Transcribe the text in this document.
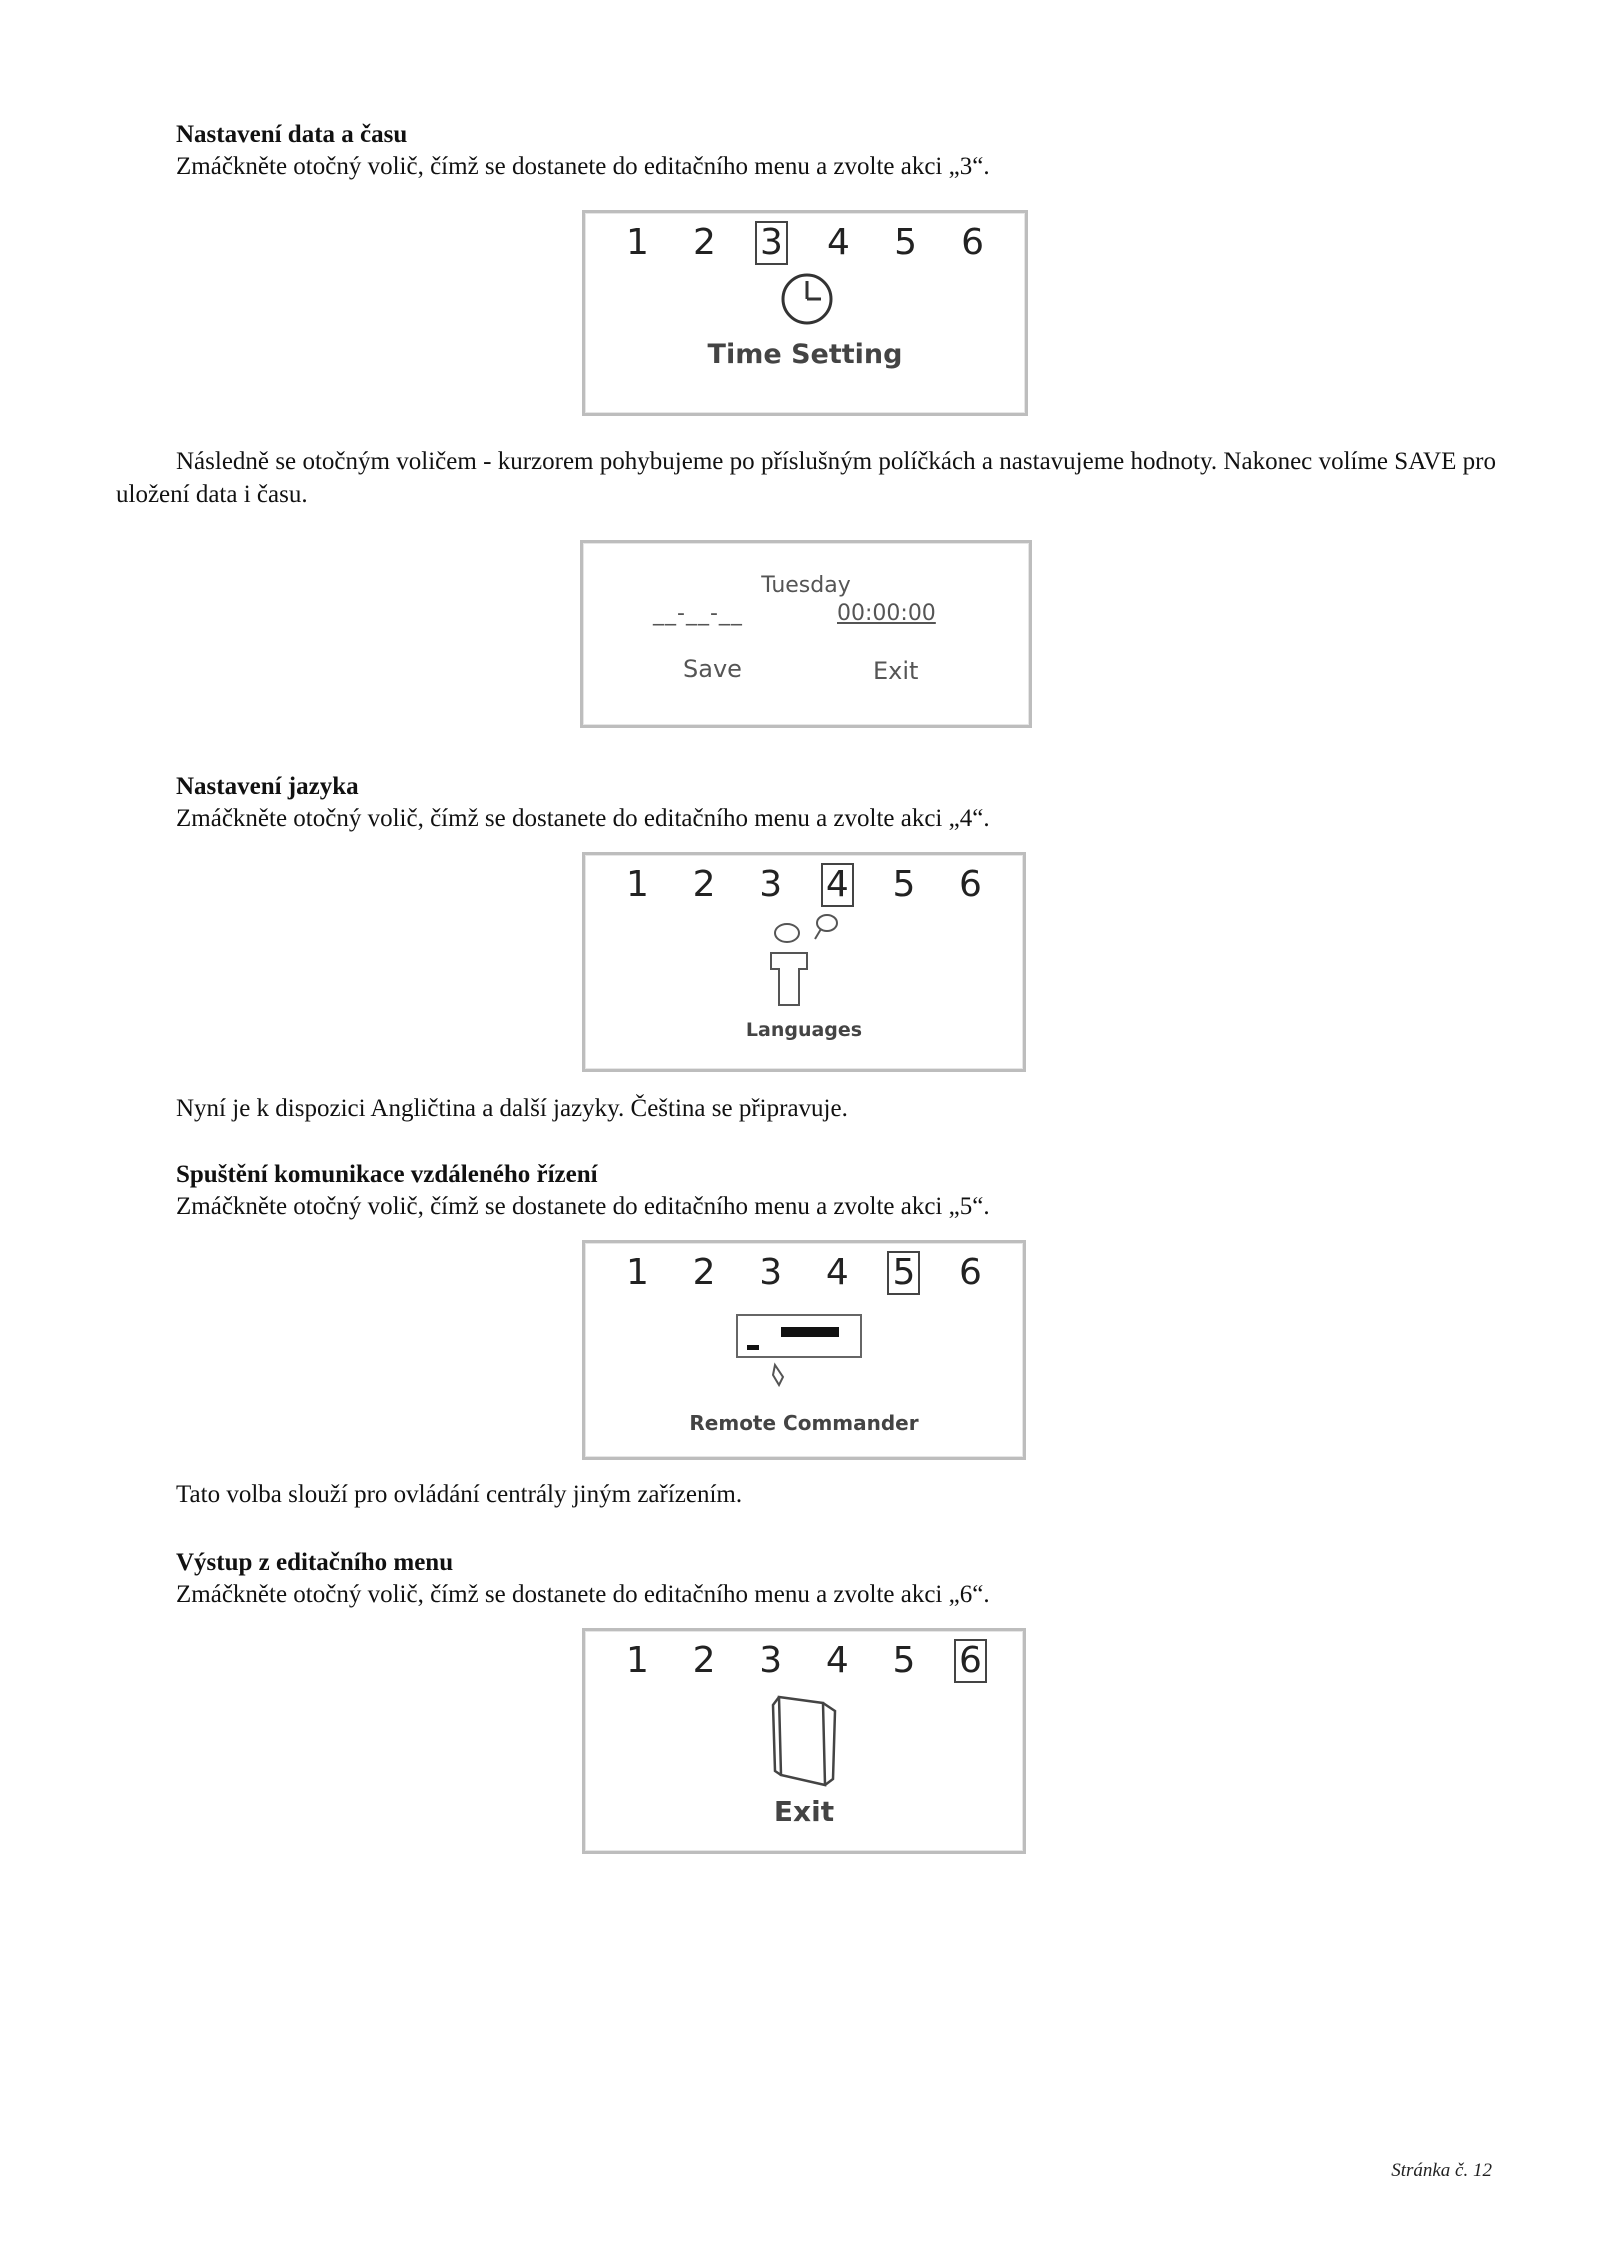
Nastavení data a času

Zmáčkněte otočný volič, čímž se dostanete do editačního menu a zvolte akci „3“.

1 2 3 4 5 6
Time Setting

Následně se otočným voličem - kurzorem pohybujeme po příslušným políčkách a nastavujeme hodnoty. Nakonec volíme SAVE pro uložení data i času.

Tuesday
__-__-__	00:00:00
Save	Exit

Nastavení jazyka

Zmáčkněte otočný volič, čímž se dostanete do editačního menu a zvolte akci „4“.

1 2 3 4 5 6
Languages

Nyní je k dispozici Angličtina a další jazyky. Čeština se připravuje.

Spuštění komunikace vzdáleného řízení

Zmáčkněte otočný volič, čímž se dostanete do editačního menu a zvolte akci „5“.

1 2 3 4 5 6
Remote Commander

Tato volba slouží pro ovládání centrály jiným zařízením.

Výstup z editačního menu

Zmáčkněte otočný volič, čímž se dostanete do editačního menu a zvolte akci „6“.

1 2 3 4 5 6
Exit
Stránka č. 12
